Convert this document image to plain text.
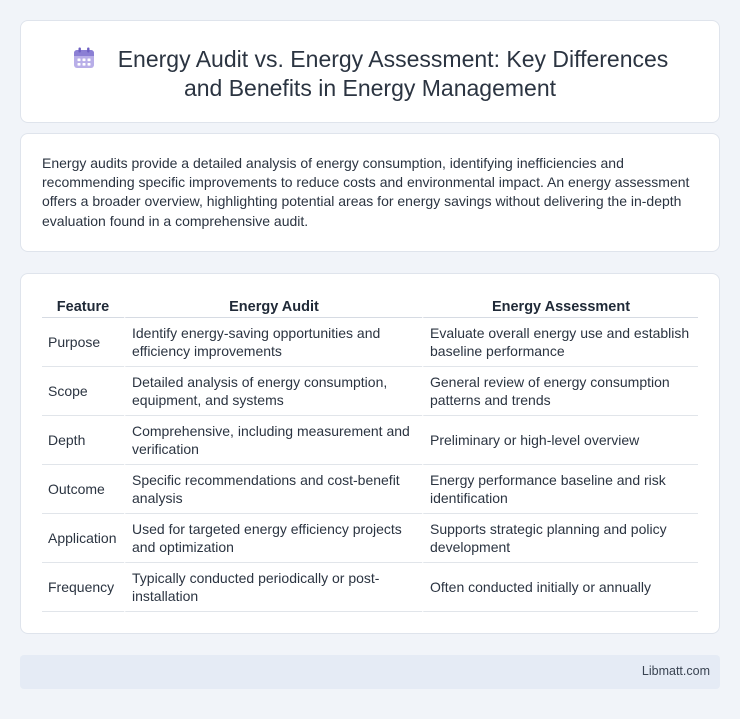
Energy Audit vs. Energy Assessment: Key Differences
and Benefits in Energy Management

Energy audits provide a detailed analysis of energy consumption, identifying inefficiencies and recommending specific improvements to reduce costs and environmental impact. An energy assessment offers a broader overview, highlighting potential areas for energy savings without delivering the in-depth evaluation found in a comprehensive audit.

Feature	Energy Audit	Energy Assessment
Purpose	Identify energy-saving opportunities and efficiency improvements	Evaluate overall energy use and establish baseline performance
Scope	Detailed analysis of energy consumption, equipment, and systems	General review of energy consumption patterns and trends
Depth	Comprehensive, including measurement and verification	Preliminary or high-level overview
Outcome	Specific recommendations and cost-benefit analysis	Energy performance baseline and risk identification
Application	Used for targeted energy efficiency projects and optimization	Supports strategic planning and policy development
Frequency	Typically conducted periodically or post-installation	Often conducted initially or annually
Libmatt.com
